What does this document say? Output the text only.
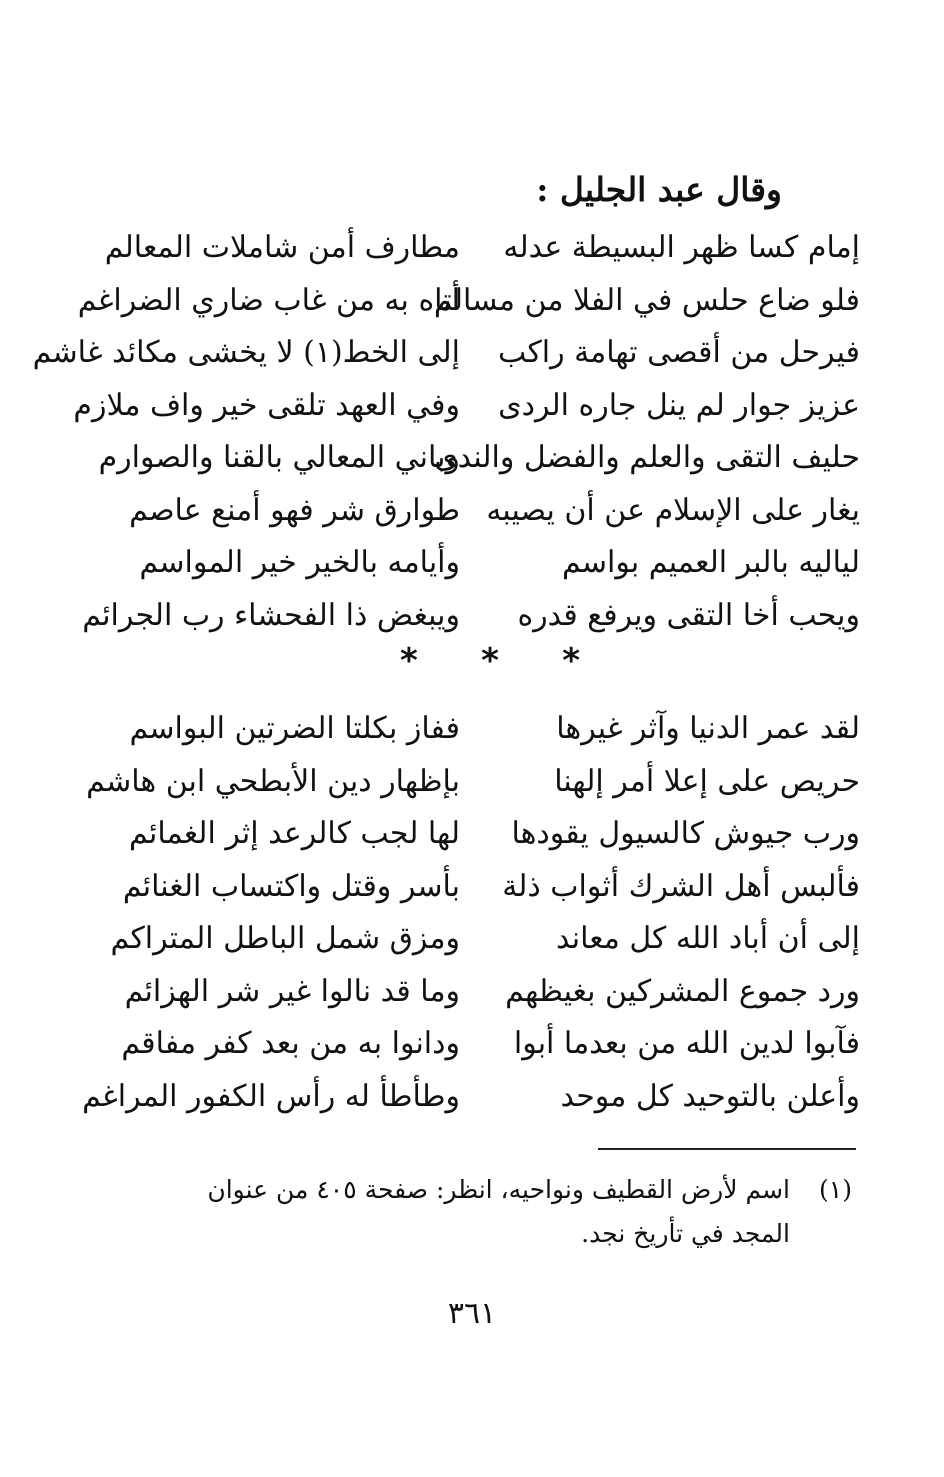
وقال عبد الجليل :
إمام كسا ظهر البسيطة عدله
مطارف أمن شاملات المعالم
فلو ضاع حلس في الفلا من مسالم
أتاه به من غاب ضاري الضراغم
فيرحل من أقصى تهامة راكب
إلى الخط(١) لا يخشى مكائد غاشم
عزيز جوار لم ينل جاره الردى
وفي العهد تلقى خير واف ملازم
حليف التقى والعلم والفضل والندى
وباني المعالي بالقنا والصوارم
يغار على الإسلام عن أن يصيبه
طوارق شر فهو أمنع عاصم
لياليه بالبر العميم بواسم
وأيامه بالخير خير المواسم
ويحب أخا التقى ويرفع قدره
ويبغض ذا الفحشاء رب الجرائم
* * *
لقد عمر الدنيا وآثر غيرها
ففاز بكلتا الضرتين البواسم
حريص على إعلا أمر إلهنا
بإظهار دين الأبطحي ابن هاشم
ورب جيوش كالسيول يقودها
لها لجب كالرعد إثر الغمائم
فألبس أهل الشرك أثواب ذلة
بأسر وقتل واكتساب الغنائم
إلى أن أباد الله كل معاند
ومزق شمل الباطل المتراكم
ورد جموع المشركين بغيظهم
وما قد نالوا غير شر الهزائم
فآبوا لدين الله من بعدما أبوا
ودانوا به من بعد كفر مفاقم
وأعلن بالتوحيد كل موحد
وطأطأ له رأس الكفور المراغم
(١)اسم لأرض القطيف ونواحيه، انظر: صفحة ٤٠٥ من عنوان
المجد في تأريخ نجد.
٣٦١
